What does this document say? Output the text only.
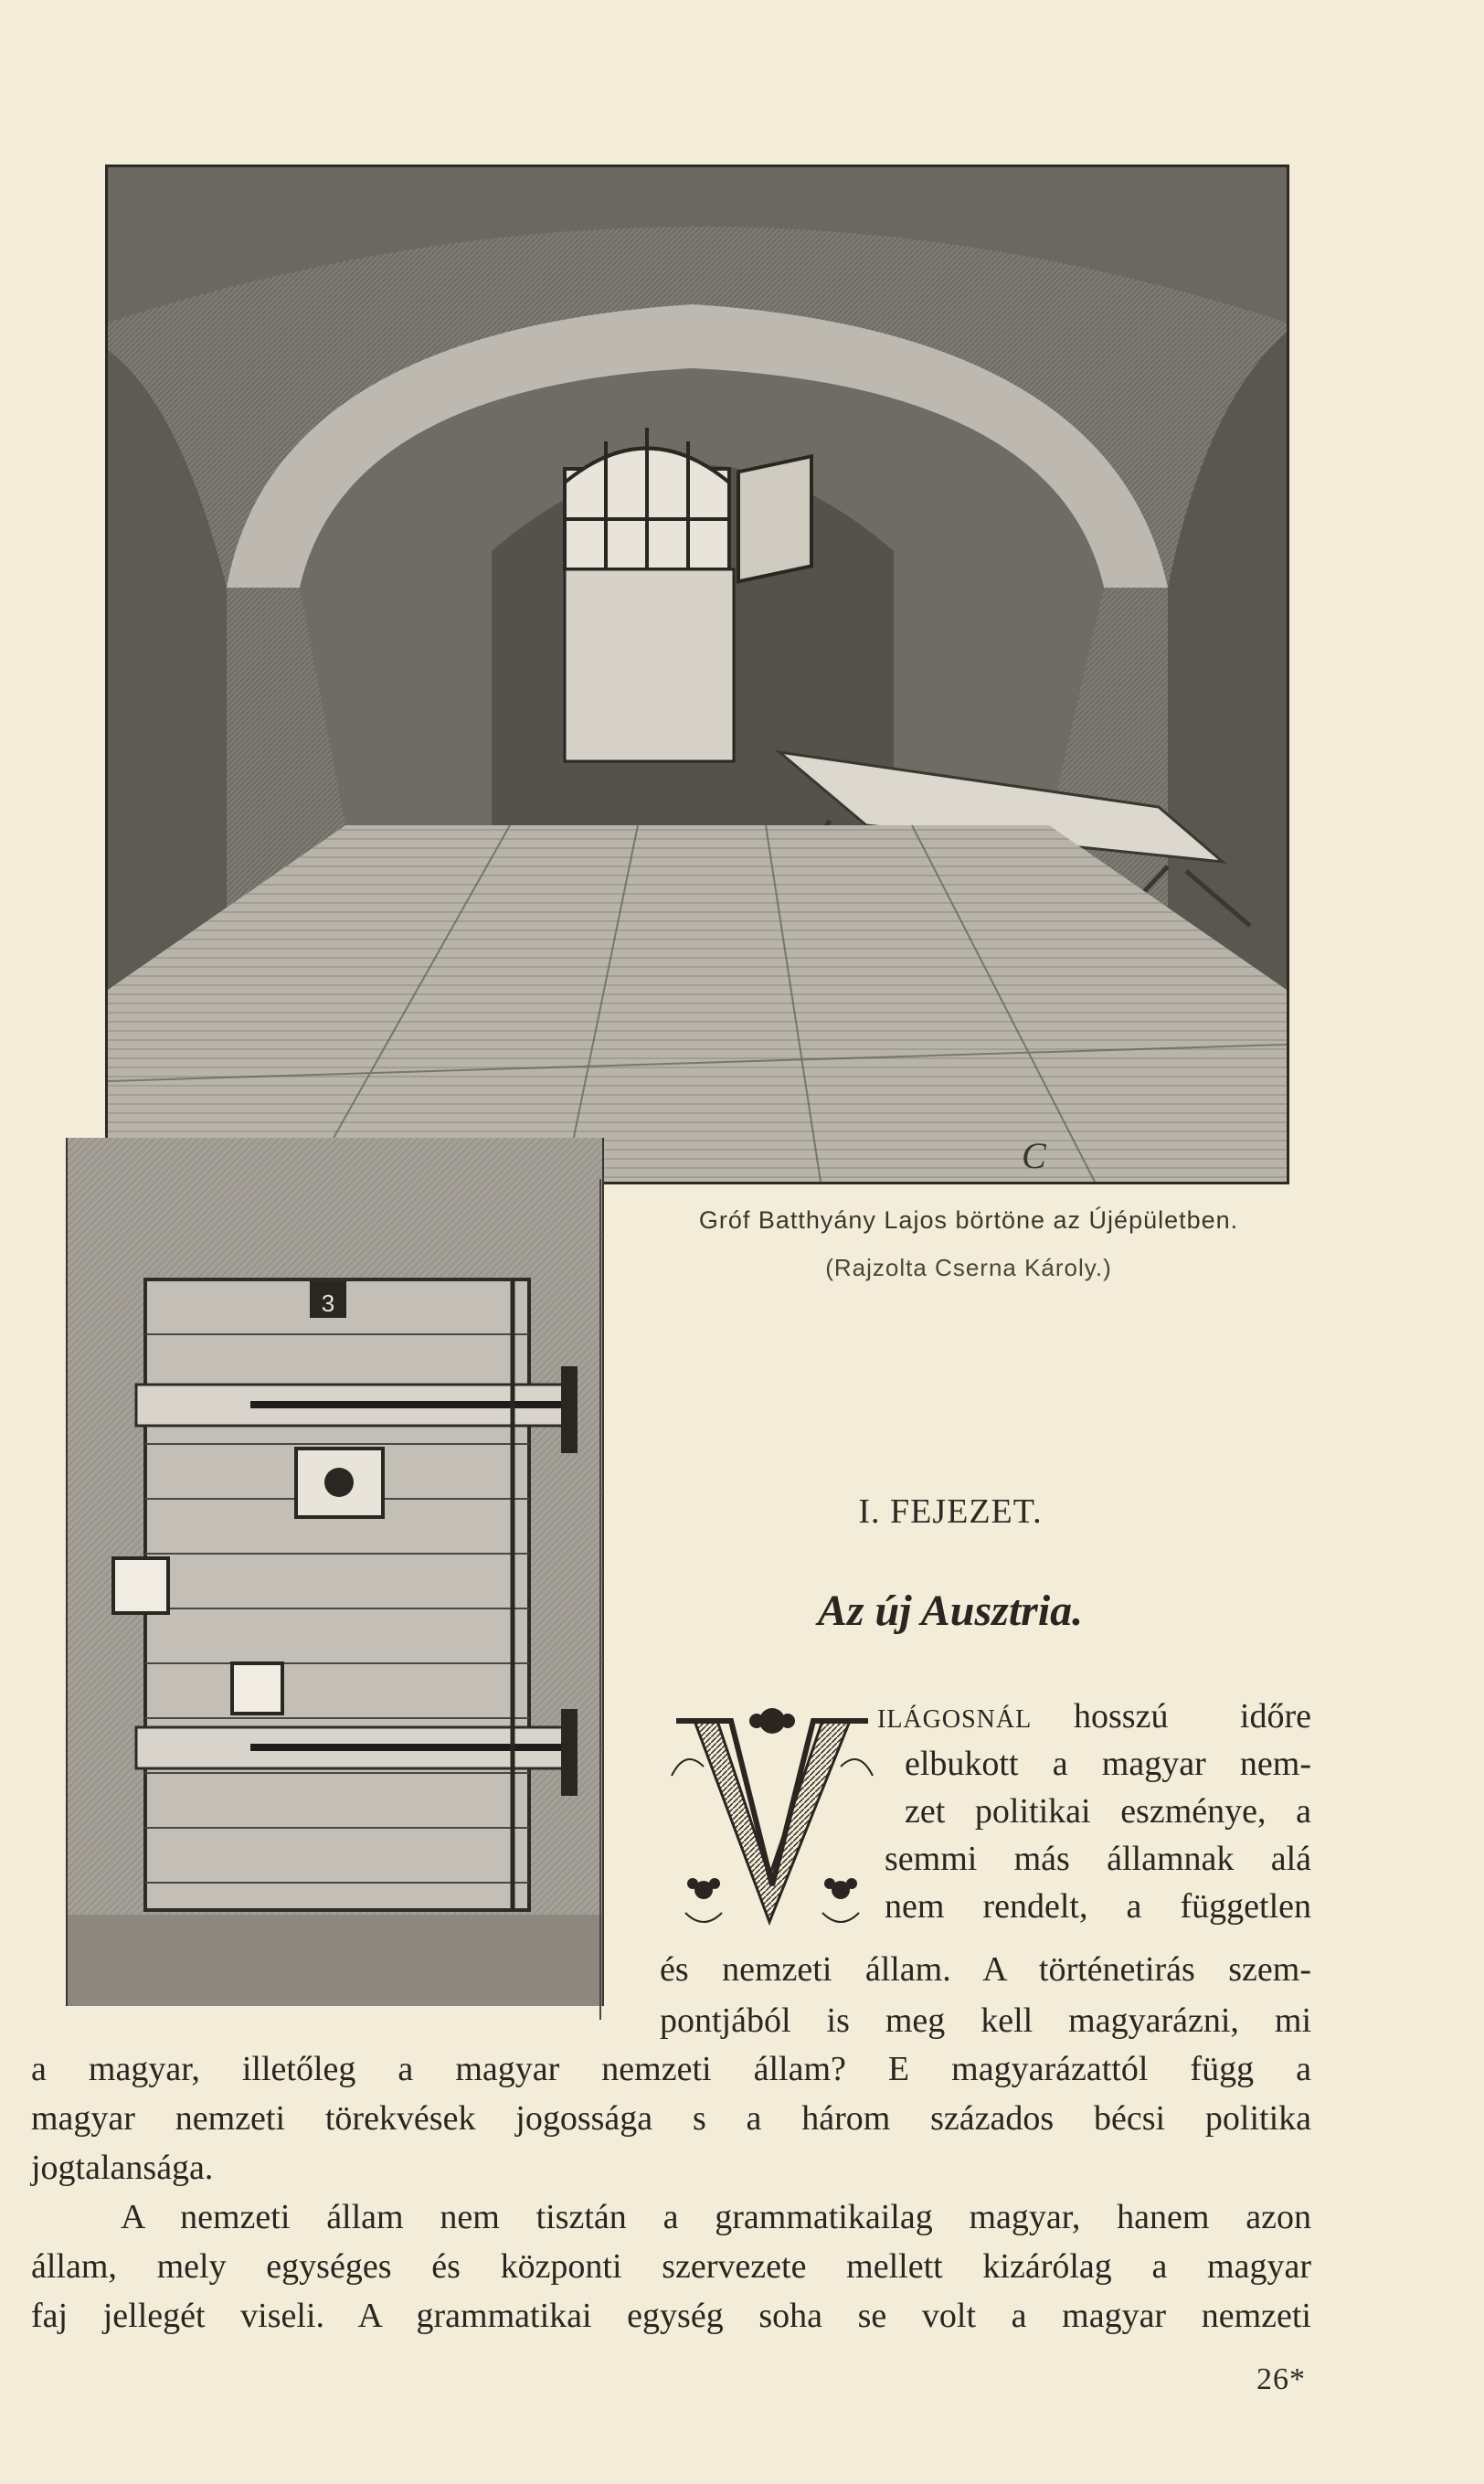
C
3
Gróf Batthyány Lajos börtöne az Újépületben.
(Rajzolta Cserna Károly.)
I. FEJEZET.
Az új Ausztria.
V
ILÁGOSNÁL hosszú időre
elbukott a magyar nem-
zet politikai eszménye, a
semmi más államnak alá
nem rendelt, a független
és nemzeti állam. A történetirás szem-
pontjából is meg kell magyarázni, mi
a magyar, illetőleg a magyar nemzeti állam? E magyarázattól függ a
magyar nemzeti törekvések jogossága s a három százados bécsi politika
jogtalansága.
A nemzeti állam nem tisztán a grammatikailag magyar, hanem azon
állam, mely egységes és központi szervezete mellett kizárólag a magyar
faj jellegét viseli. A grammatikai egység soha se volt a magyar nemzeti
26*
